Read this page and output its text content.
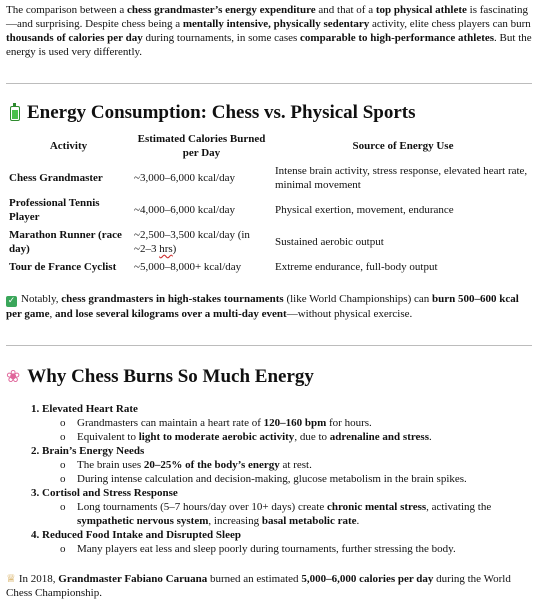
The comparison between a chess grandmaster’s energy expenditure and that of a top physical athlete is fascinating—and surprising. Despite chess being a mentally intensive, physically sedentary activity, elite chess players can burn thousands of calories per day during tournaments, in some cases comparable to high-performance athletes. But the energy is used very differently.

Energy Consumption: Chess vs. Physical Sports
Activity	Estimated Calories Burned per Day	Source of Energy Use
Chess Grandmaster	~3,000–6,000 kcal/day	Intense brain activity, stress response, elevated heart rate, minimal movement
Professional Tennis Player	~4,000–6,000 kcal/day	Physical exertion, movement, endurance
Marathon Runner (race day)	~2,500–3,500 kcal/day (in ~2–3 hrs)	Sustained aerobic output
Tour de France Cyclist	~5,000–8,000+ kcal/day	Extreme endurance, full-body output

✓ Notably, chess grandmasters in high-stakes tournaments (like World Championships) can burn 500–600 kcal per game, and lose several kilograms over a multi-day event—without physical exercise.

❀ Why Chess Burns So Much Energy
1. Elevated Heart Rate
o Grandmasters can maintain a heart rate of 120–160 bpm for hours.
o Equivalent to light to moderate aerobic activity, due to adrenaline and stress.
2. Brain’s Energy Needs
o The brain uses 20–25% of the body’s energy at rest.
o During intense calculation and decision-making, glucose metabolism in the brain spikes.
3. Cortisol and Stress Response
o Long tournaments (5–7 hours/day over 10+ days) create chronic mental stress, activating the sympathetic nervous system, increasing basal metabolic rate.
4. Reduced Food Intake and Disrupted Sleep
o Many players eat less and sleep poorly during tournaments, further stressing the body.

♕ In 2018, Grandmaster Fabiano Caruana burned an estimated 5,000–6,000 calories per day during the World Chess Championship.
